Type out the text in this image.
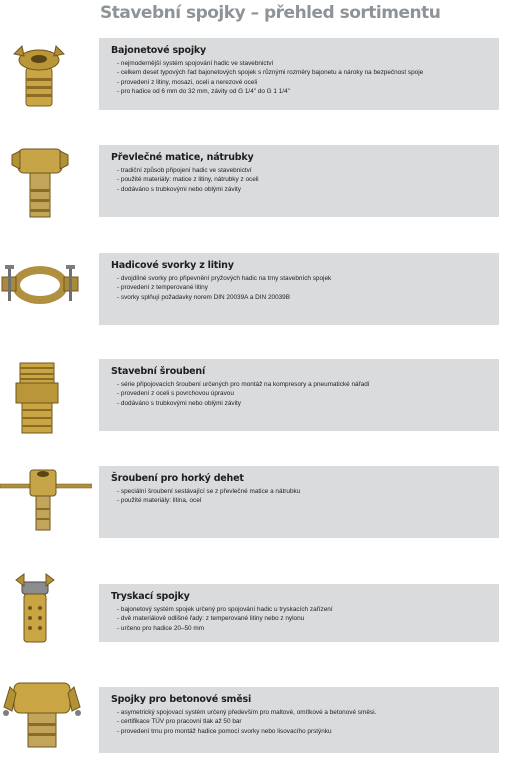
Stavební spojky – přehled sortimentu
Bajonetové spojky
- nejmodernější systém spojování hadic ve stavebnictví
- celkem deset typových řad bajonetových spojek s různými rozměry bajonetu a nároky na bezpečnost spoje
- provedení z litiny, mosazi, oceli a nerezové oceli
- pro hadice od 6 mm do 32 mm, závity od G 1/4" do G 1 1/4"
Převlečné matice, nátrubky
- tradiční způsob připojení hadic ve stavebnictví
- použité materiály: matice z litiny, nátrubky z oceli
- dodáváno s trubkovými nebo oblými závity
Hadicové svorky z litiny
- dvojdílné svorky pro připevnění pryžových hadic na trny stavebních spojek
- provedení z temperované litiny
- svorky splňují požadavky norem DIN 20039A a DIN 20039B
Stavební šroubení
- série připojovacích šroubení určených pro montáž na kompresory a pneumatické nářadí
- provedení z oceli s povrchovou úpravou
- dodáváno s trubkovými nebo oblými závity
Šroubení pro horký dehet
- speciální šroubení sestávající se z převlečné matice a nátrubku
- použité materiály: litina, ocel
Tryskací spojky
- bajonetový systém spojek určený pro spojování hadic u tryskacích zařízení
- dvě materiálově odlišné řady: z temperované litiny nebo z nylonu
- určeno pro hadice 20–50 mm
Spojky pro betonové směsi
- asymetrický spojovací systém určený především pro maltové, omítkové a betonové směsi.
- certifikace TÜV pro pracovní tlak až 50 bar
- provedení trnu pro montáž hadice pomocí svorky nebo lisovacího prstýnku
